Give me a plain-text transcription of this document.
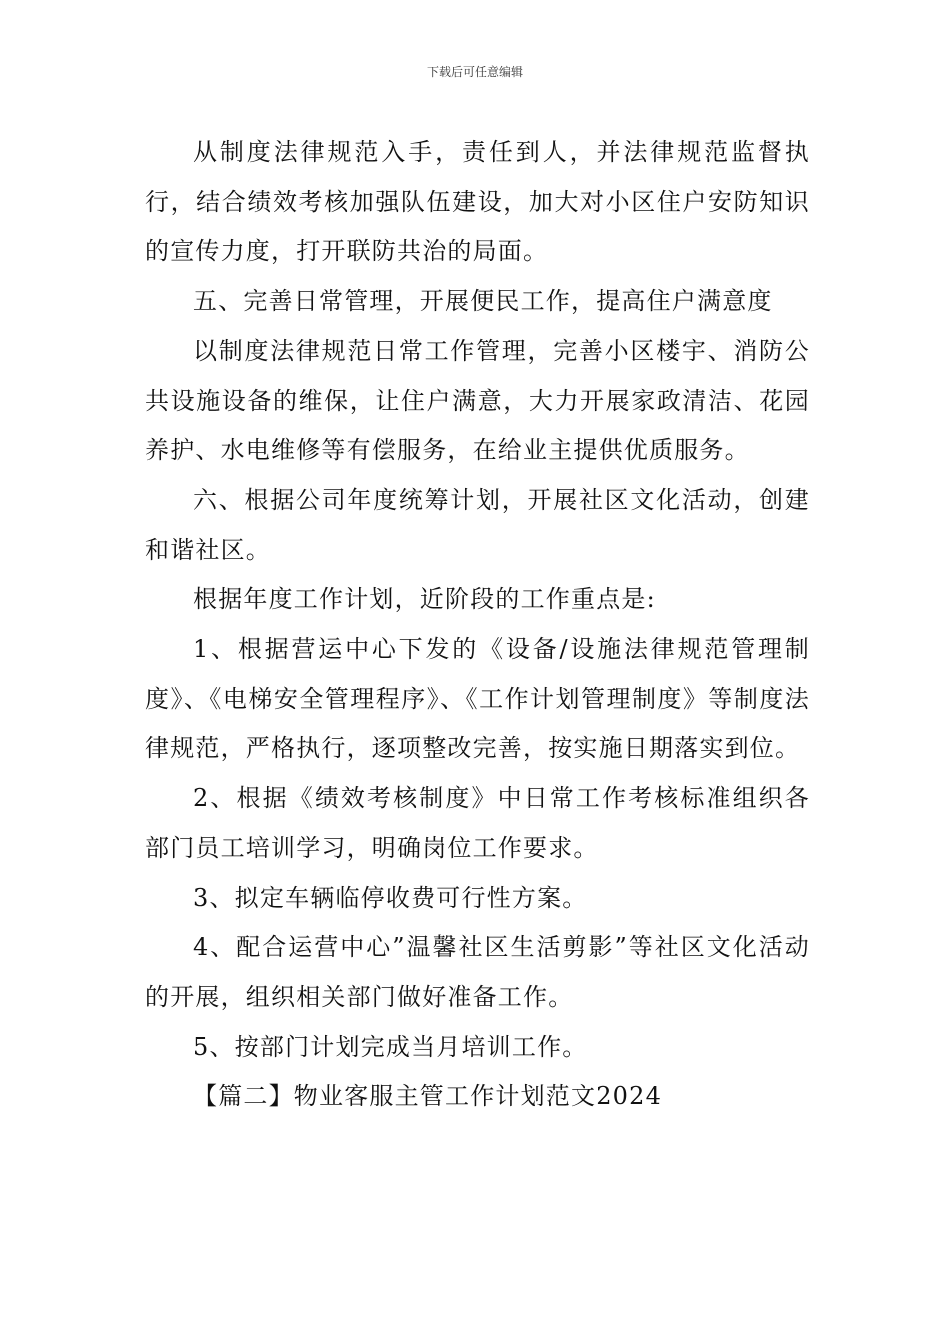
下载后可任意编辑

从制度法律规范入手，责任到人，并法律规范监督执行，结合绩效考核加强队伍建设，加大对小区住户安防知识的宣传力度，打开联防共治的局面。

五、完善日常管理，开展便民工作，提高住户满意度

以制度法律规范日常工作管理，完善小区楼宇、消防公共设施设备的维保，让住户满意，大力开展家政清洁、花园养护、水电维修等有偿服务，在给业主提供优质服务。

六、根据公司年度统筹计划，开展社区文化活动，创建和谐社区。

根据年度工作计划，近阶段的工作重点是:

1、根据营运中心下发的《设备/设施法律规范管理制度》、《电梯安全管理程序》、《工作计划管理制度》等制度法律规范，严格执行，逐项整改完善，按实施日期落实到位。

2、根据《绩效考核制度》中日常工作考核标准组织各部门员工培训学习，明确岗位工作要求。

3、拟定车辆临停收费可行性方案。

4、配合运营中心”温馨社区生活剪影”等社区文化活动的开展，组织相关部门做好准备工作。

5、按部门计划完成当月培训工作。

【篇二】物业客服主管工作计划范文2024
